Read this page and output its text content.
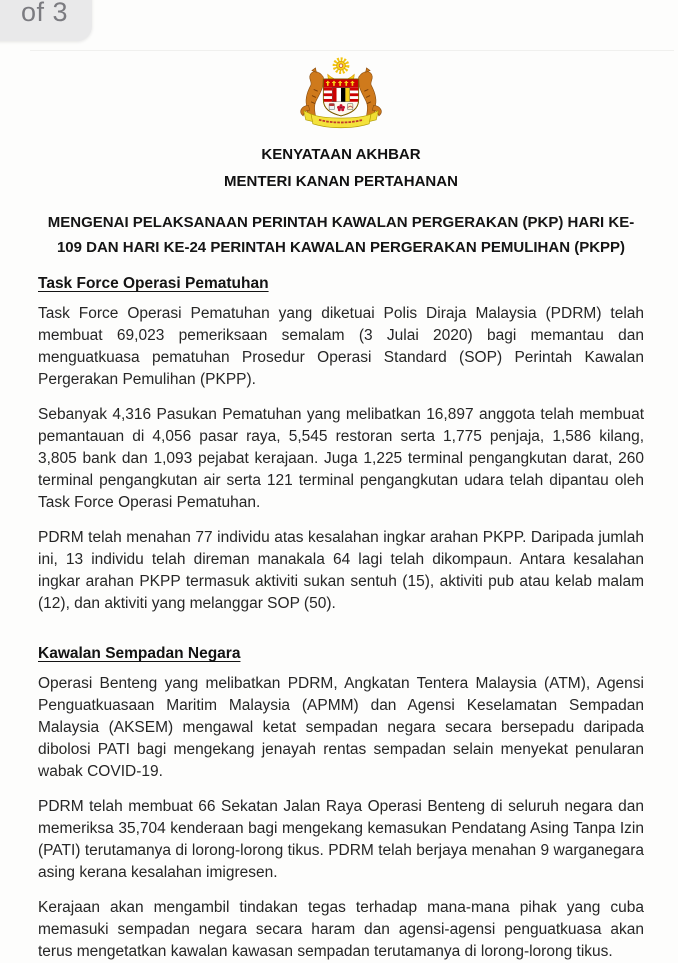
of 3
KENYATAAN AKHBAR
MENTERI KANAN PERTAHANAN
MENGENAI PELAKSANAAN PERINTAH KAWALAN PERGERAKAN (PKP) HARI KE-
109 DAN HARI KE-24 PERINTAH KAWALAN PERGERAKAN PEMULIHAN (PKPP)
Task Force Operasi Pematuhan

Task Force Operasi Pematuhan yang diketuai Polis Diraja Malaysia (PDRM) telah membuat 69,023 pemeriksaan semalam (3 Julai 2020) bagi memantau dan menguatkuasa pematuhan Prosedur Operasi Standard (SOP) Perintah Kawalan Pergerakan Pemulihan (PKPP).

Sebanyak 4,316 Pasukan Pematuhan yang melibatkan 16,897 anggota telah membuat pemantauan di 4,056 pasar raya, 5,545 restoran serta 1,775 penjaja, 1,586 kilang, 3,805 bank dan 1,093 pejabat kerajaan. Juga 1,225 terminal pengangkutan darat, 260 terminal pengangkutan air serta 121 terminal pengangkutan udara telah dipantau oleh Task Force Operasi Pematuhan.

PDRM telah menahan 77 individu atas kesalahan ingkar arahan PKPP. Daripada jumlah ini, 13 individu telah direman manakala 64 lagi telah dikompaun. Antara kesalahan ingkar arahan PKPP termasuk aktiviti sukan sentuh (15), aktiviti pub atau kelab malam (12), dan aktiviti yang melanggar SOP (50).

Kawalan Sempadan Negara

Operasi Benteng yang melibatkan PDRM, Angkatan Tentera Malaysia (ATM), Agensi Penguatkuasaan Maritim Malaysia (APMM) dan Agensi Keselamatan Sempadan Malaysia (AKSEM) mengawal ketat sempadan negara secara bersepadu daripada dibolosi PATI bagi mengekang jenayah rentas sempadan selain menyekat penularan wabak COVID-19.

PDRM telah membuat 66 Sekatan Jalan Raya Operasi Benteng di seluruh negara dan memeriksa 35,704 kenderaan bagi mengekang kemasukan Pendatang Asing Tanpa Izin (PATI) terutamanya di lorong-lorong tikus. PDRM telah berjaya menahan 9 warganegara asing kerana kesalahan imigresen.

Kerajaan akan mengambil tindakan tegas terhadap mana-mana pihak yang cuba memasuki sempadan negara secara haram dan agensi-agensi penguatkuasa akan terus mengetatkan kawalan kawasan sempadan terutamanya di lorong-lorong tikus.
